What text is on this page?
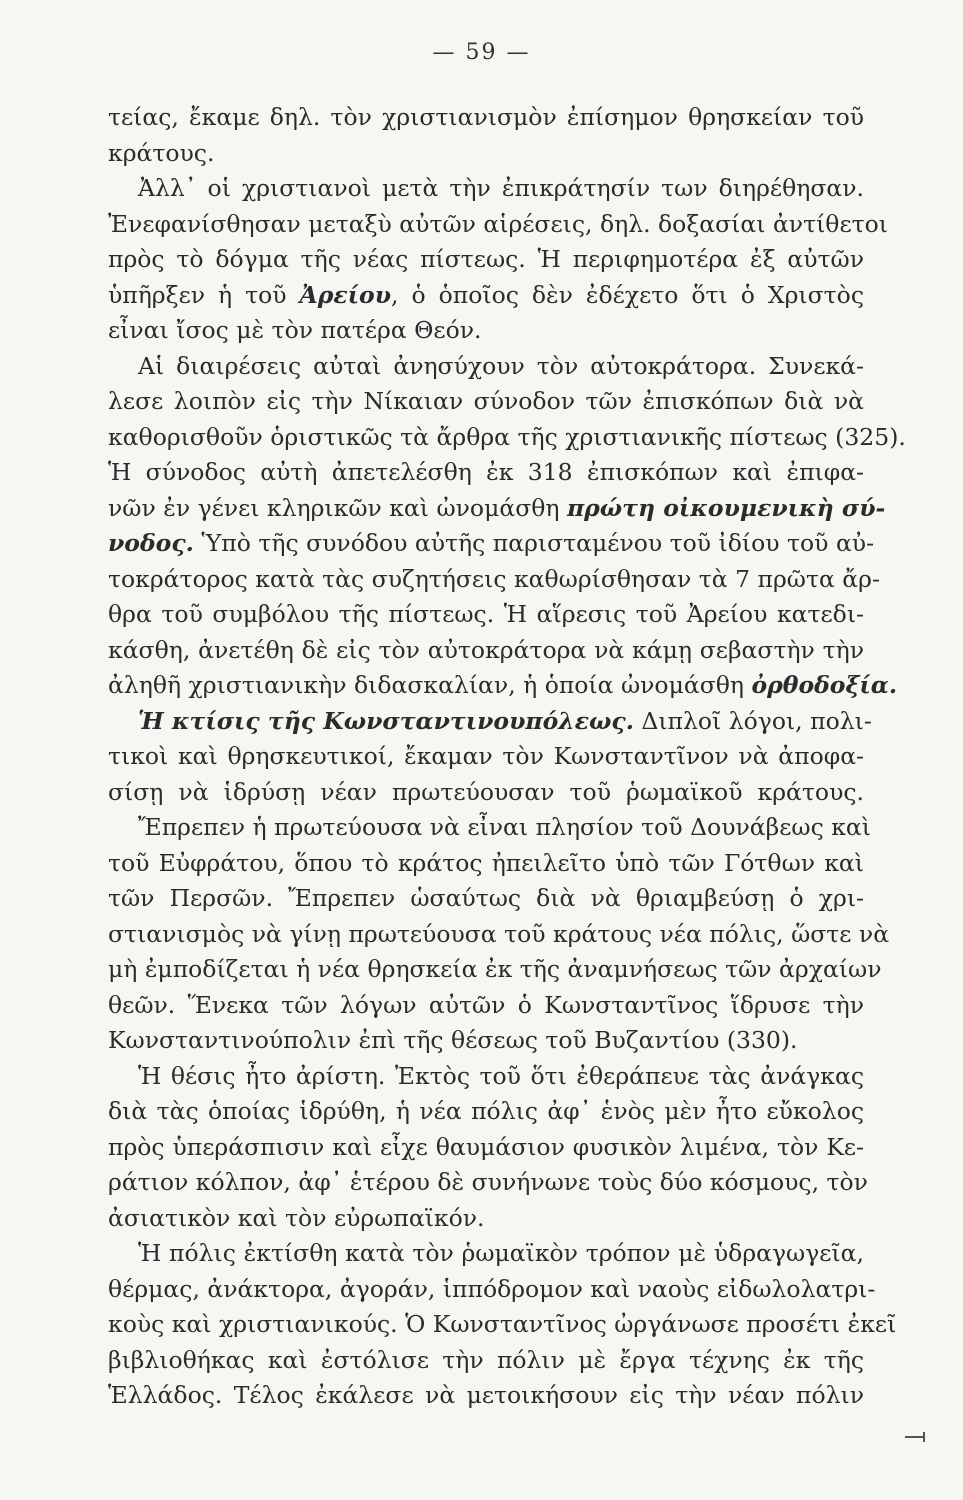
— 59 —
τείας, ἔκαμε δηλ. τὸν χριστιανισμὸν ἐπίσημον θρησκείαν τοῦ
κράτους.
Ἀλλ᾽ οἱ χριστιανοὶ μετὰ τὴν ἐπικράτησίν των διηρέθησαν.
Ἐνεφανίσθησαν μεταξὺ αὐτῶν αἱρέσεις, δηλ. δοξασίαι ἀντίθετοι
πρὸς τὸ δόγμα τῆς νέας πίστεως. Ἡ περιφημοτέρα ἐξ αὐτῶν
ὑπῆρξεν ἡ τοῦ Ἀρείου, ὁ ὁποῖος δὲν ἐδέχετο ὅτι ὁ Χριστὸς
εἶναι ἴσος μὲ τὸν πατέρα Θεόν.
Αἱ διαιρέσεις αὐταὶ ἀνησύχουν τὸν αὐτοκράτορα. Συνεκά-
λεσε λοιπὸν εἰς τὴν Νίκαιαν σύνοδον τῶν ἐπισκόπων διὰ νὰ
καθορισθοῦν ὁριστικῶς τὰ ἄρθρα τῆς χριστιανικῆς πίστεως (325).
Ἡ σύνοδος αὐτὴ ἀπετελέσθη ἐκ 318 ἐπισκόπων καὶ ἐπιφα-
νῶν ἐν γένει κληρικῶν καὶ ὠνομάσθη πρώτη οἰκουμενικὴ σύ-
νοδος. Ὑπὸ τῆς συνόδου αὐτῆς παρισταμένου τοῦ ἰδίου τοῦ αὐ-
τοκράτορος κατὰ τὰς συζητήσεις καθωρίσθησαν τὰ 7 πρῶτα ἄρ-
θρα τοῦ συμβόλου τῆς πίστεως. Ἡ αἵρεσις τοῦ Ἀρείου κατεδι-
κάσθη, ἀνετέθη δὲ εἰς τὸν αὐτοκράτορα νὰ κάμῃ σεβαστὴν τὴν
ἀληθῆ χριστιανικὴν διδασκαλίαν, ἡ ὁποία ὠνομάσθη ὀρθοδοξία.
Ἡ κτίσις τῆς Κωνσταντινουπόλεως. Διπλοῖ λόγοι, πολι-
τικοὶ καὶ θρησκευτικοί, ἔκαμαν τὸν Κωνσταντῖνον νὰ ἀποφα-
σίσῃ νὰ ἱδρύσῃ νέαν πρωτεύουσαν τοῦ ῥωμαϊκοῦ κράτους.
Ἔπρεπεν ἡ πρωτεύουσα νὰ εἶναι πλησίον τοῦ Δουνάβεως καὶ
τοῦ Εὐφράτου, ὅπου τὸ κράτος ἠπειλεῖτο ὑπὸ τῶν Γότθων καὶ
τῶν Περσῶν. Ἔπρεπεν ὡσαύτως διὰ νὰ θριαμβεύσῃ ὁ χρι-
στιανισμὸς νὰ γίνῃ πρωτεύουσα τοῦ κράτους νέα πόλις, ὥστε νὰ
μὴ ἐμποδίζεται ἡ νέα θρησκεία ἐκ τῆς ἀναμνήσεως τῶν ἀρχαίων
θεῶν. Ἕνεκα τῶν λόγων αὐτῶν ὁ Κωνσταντῖνος ἵδρυσε τὴν
Κωνσταντινούπολιν ἐπὶ τῆς θέσεως τοῦ Βυζαντίου (330).
Ἡ θέσις ἦτο ἀρίστη. Ἐκτὸς τοῦ ὅτι ἐθεράπευε τὰς ἀνάγκας
διὰ τὰς ὁποίας ἱδρύθη, ἡ νέα πόλις ἀφ᾽ ἑνὸς μὲν ἦτο εὔκολος
πρὸς ὑπεράσπισιν καὶ εἶχε θαυμάσιον φυσικὸν λιμένα, τὸν Κε-
ράτιον κόλπον, ἀφ᾽ ἑτέρου δὲ συνήνωνε τοὺς δύο κόσμους, τὸν
ἀσιατικὸν καὶ τὸν εὐρωπαϊκόν.
Ἡ πόλις ἐκτίσθη κατὰ τὸν ῥωμαϊκὸν τρόπον μὲ ὑδραγωγεῖα,
θέρμας, ἀνάκτορα, ἀγοράν, ἱππόδρομον καὶ ναοὺς εἰδωλολατρι-
κοὺς καὶ χριστιανικούς. Ὁ Κωνσταντῖνος ὠργάνωσε προσέτι ἐκεῖ
βιβλιοθήκας καὶ ἐστόλισε τὴν πόλιν μὲ ἔργα τέχνης ἐκ τῆς
Ἑλλάδος. Τέλος ἐκάλεσε νὰ μετοικήσουν εἰς τὴν νέαν πόλιν
